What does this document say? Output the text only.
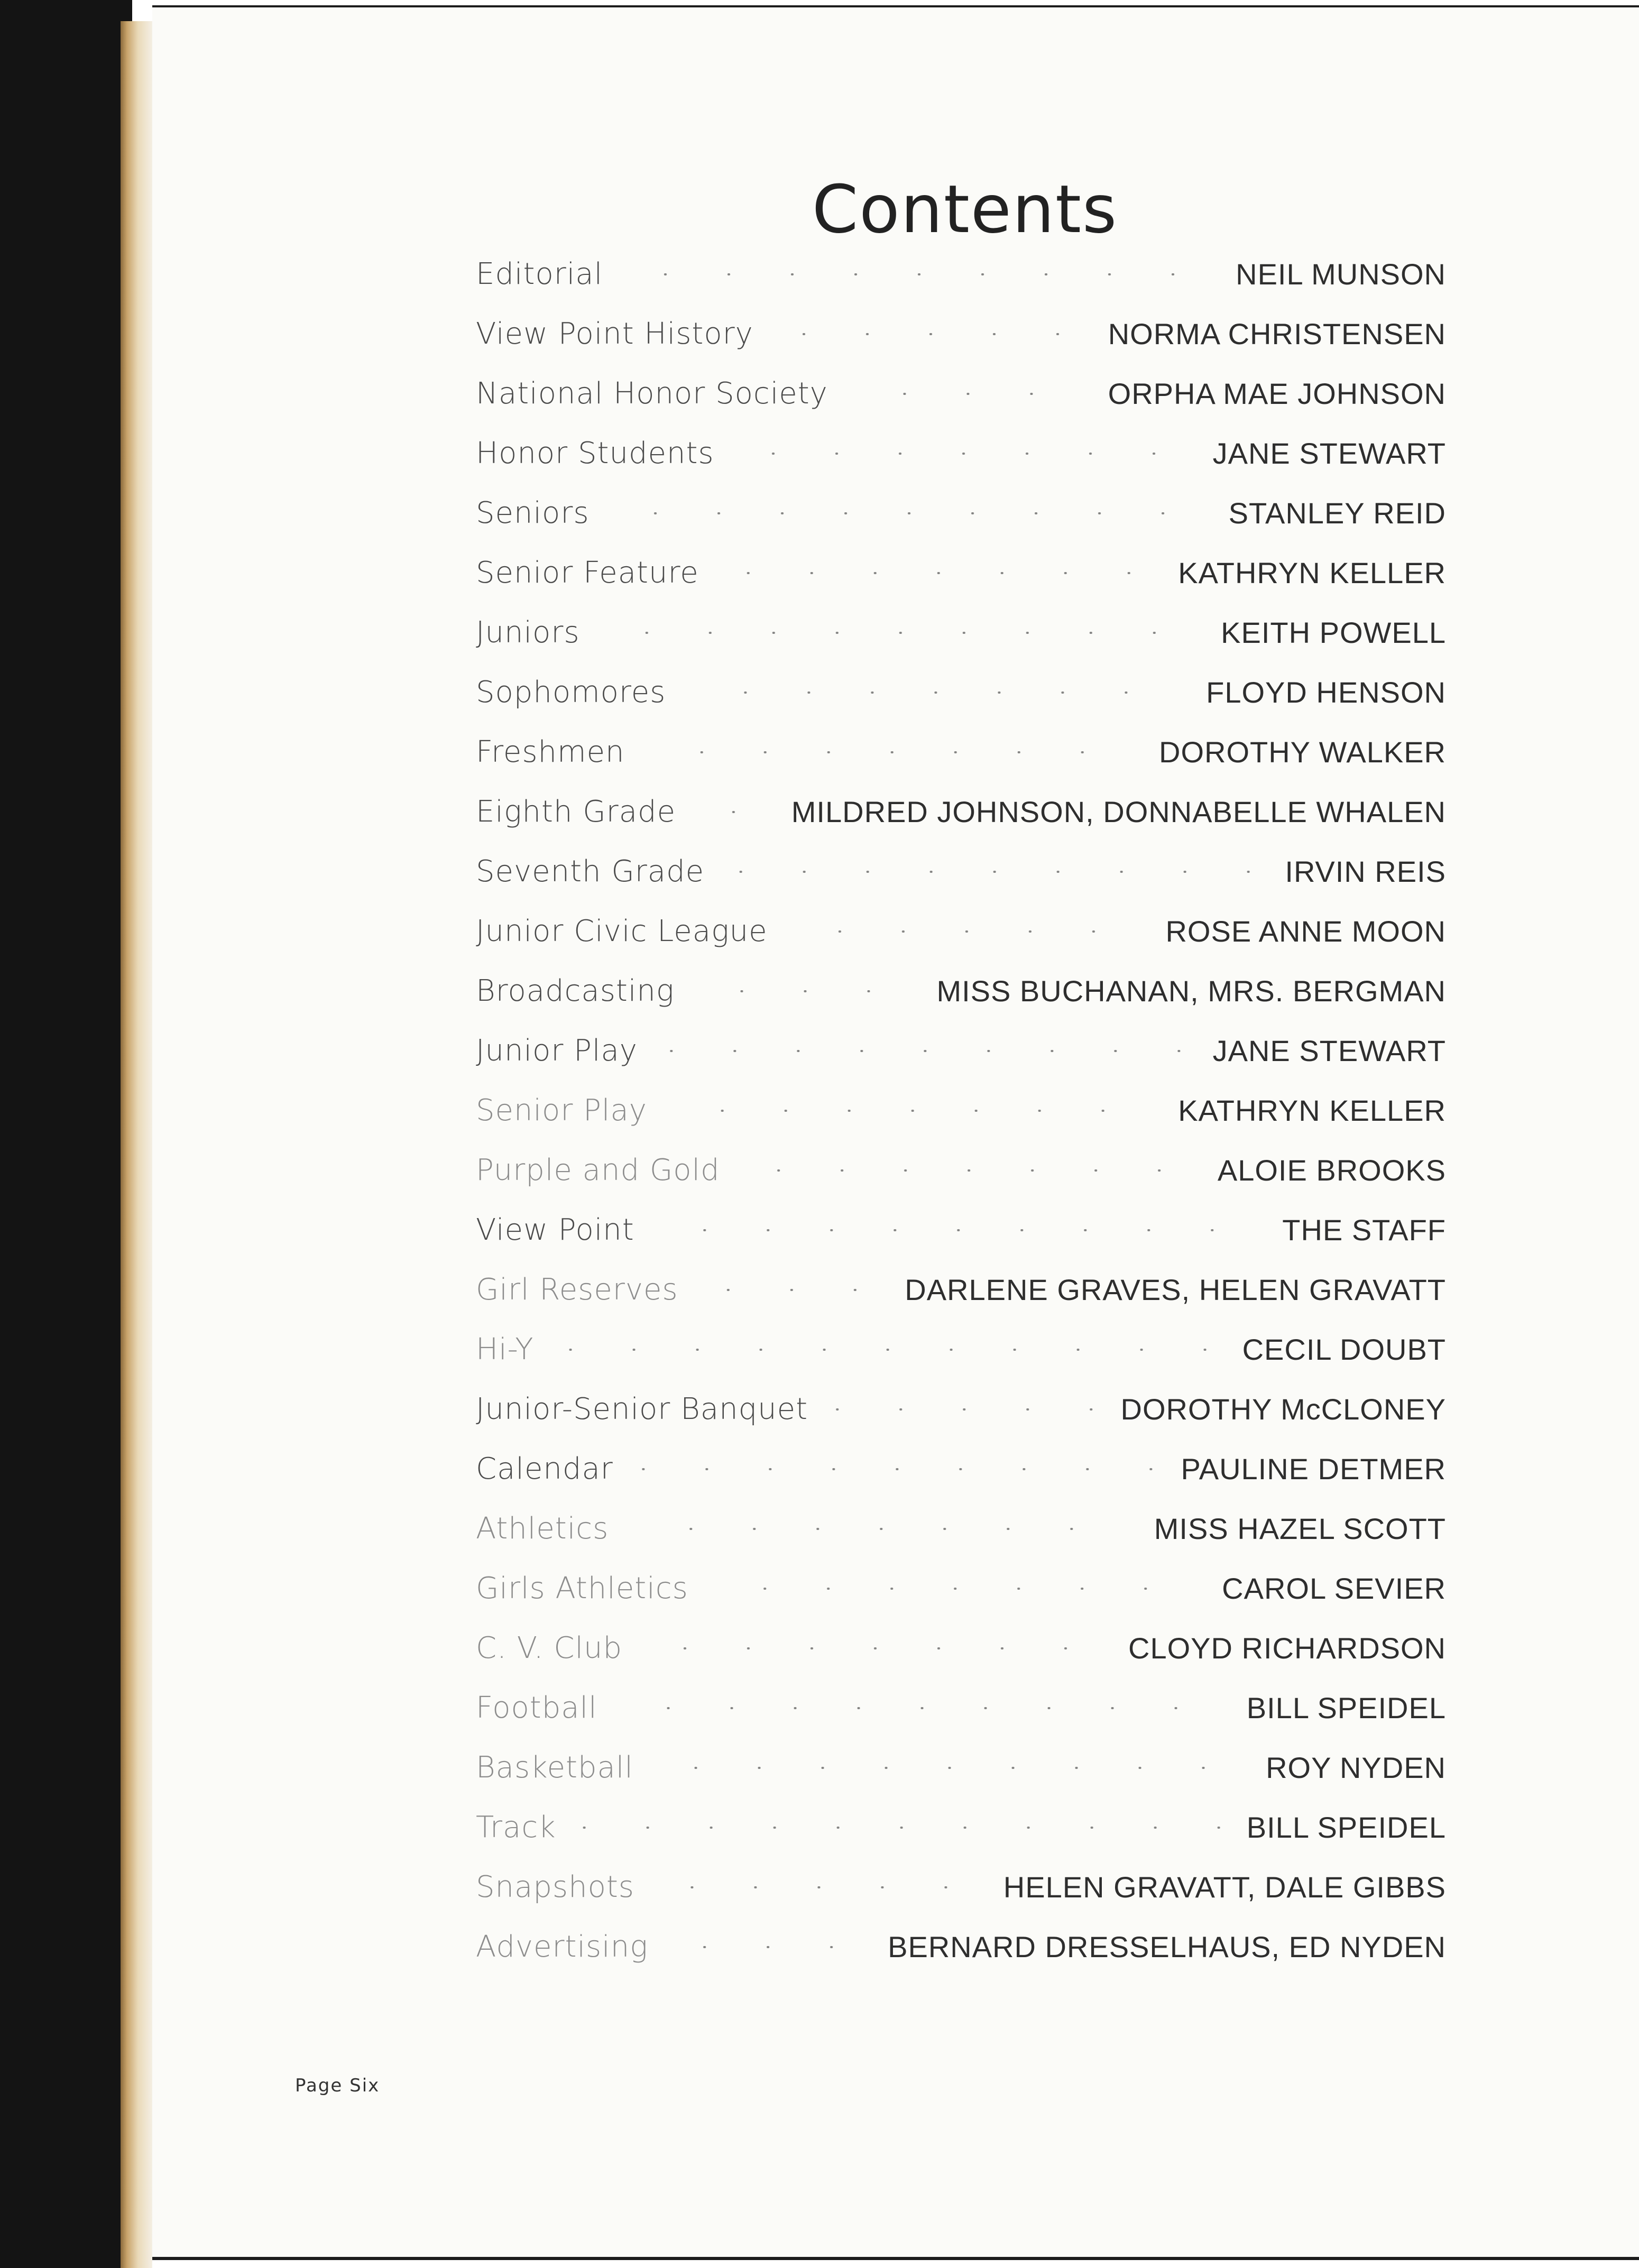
Contents
Editorial	NEIL MUNSON
View Point History	NORMA CHRISTENSEN
National Honor Society	ORPHA MAE JOHNSON
Honor Students	JANE STEWART
Seniors	STANLEY REID
Senior Feature	KATHRYN KELLER
Juniors	KEITH POWELL
Sophomores	FLOYD HENSON
Freshmen	DOROTHY WALKER
Eighth Grade	MILDRED JOHNSON, DONNABELLE WHALEN
Seventh Grade	IRVIN REIS
Junior Civic League	ROSE ANNE MOON
Broadcasting	MISS BUCHANAN, MRS. BERGMAN
Junior Play	JANE STEWART
Senior Play	KATHRYN KELLER
Purple and Gold	ALOIE BROOKS
View Point	THE STAFF
Girl Reserves	DARLENE GRAVES, HELEN GRAVATT
Hi-Y	CECIL DOUBT
Junior-Senior Banquet	DOROTHY McCLONEY
Calendar	PAULINE DETMER
Athletics	MISS HAZEL SCOTT
Girls Athletics	CAROL SEVIER
C. V. Club	CLOYD RICHARDSON
Football	BILL SPEIDEL
Basketball	ROY NYDEN
Track	BILL SPEIDEL
Snapshots	HELEN GRAVATT, DALE GIBBS
Advertising	BERNARD DRESSELHAUS, ED NYDEN
Page Six
